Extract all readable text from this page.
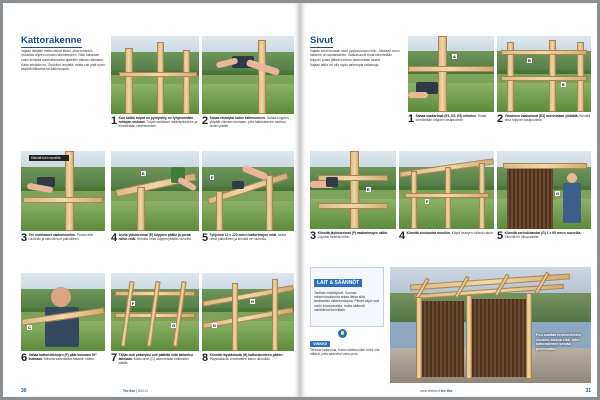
Kattorakenne

Vajaan tekijälle melko tarkat tiedot, joka kuitenkin muuntaa ohjeen omaan rakenteeseen. Näin katoksen ensin kiinteää suurirakennetta ajatellen oikean ratkaisun.

Katto tehdään ns. Onduline-levyistä, mutta voit yhtä hyvin käyttää tiilikattoa tai kattohuopaa.

1 Kun kaikki tolpat on pystytetty, ne tyhjennetään mittojen mukaan. Tolpat sahataan määräpituuteen ja kiinnitetään rakenteeseen.	2 Sahaa etutolpat katon kaltevuuteen. Sahaa tolppien yläpäät oikeaan kulmaan, jotta kattorakenne asettuu niiden päälle.
Kiinnitä tuet ruuveilla
E
F
3 Tee nurkkatuet vaakarimoihin. Poraa reiät ruuveille ja kiinnitä tuet paikoilleen.	4 Aseta yläsiderimat (E) tolppien päälle ja poraa niihin reiät. Kiinnitä rimat tolppiin pitkillä ruuveilla. 5 Tyhjennä 12 x 120 mm:n kattorimojen reiät. Aseta rimat paikoilleen ja kiinnitä ne ruuveilla.
C
F
G
H
D
6 Sahaa kattoristikkojen (F) päät kulmaan 30° kulmaan. Kiinnitä kattoristikot tasaisin välein.	7 Tähän asti päästyäsi voit päättää mitä katteeksi laitetaan. Katto-orret (G) asennetaan ristikoiden päälle.	8 Kiinnitä räystäslauta (H) kattorakenteen päihin. Räystäslauta viimeistelee katon ulkonäön.
30	Tee itse | 3/2013
Sivut

Vajaan sivut kootaan sivut pystysuoraan riviin. Jokaisen sivun rakenne on samanlainen. Vaakasuorat rimat kiinnitetään tolppiin, jonka jälkeen sivuun asennetaan laudat.

Vajaan lattia voi olla myös tarkempia ratkaisuja.

A
B
E
1 Sahaa vaakarimat (E1, E2, E3) mitoiksi. Rimat kiinnitetään tolppien sisäpuolelle.	2 Viimeisen vaakarimat (E2) asennetaan ylhäältä. Kiinnitä rima tolppien sisäpuolelle.
E
F
G
3 Kiinnitä jäykisterimat (F) vaakarimojen väliin. Lopuksi tarkista mitat.	4 Kiinnitä sivulaudat rimoihin. Käytä lautojen välissä rakoa. 5 Kiinnitä verhoilulaudat (G) 1 x 60 mm:n ruuveilla. Kiinnitä ne ulkopuolelle.
LAIT & SÄÄNNÖT
Tarkista määräykset. Kunnan rakennusvalvonta antaa tietoa siitä, tarvitaanko rakennuslupaa. Pienet vajat ovat usein luvanvaraisia, mutta säännöt vaihtelevat kunnittain.
VINKKI!
Tarkista kaltevuus. Katon kaltevuuden tulee olla riittävä, jotta sadevesi valuu pois.
Puu saattaa ensimmäisten vuosien aikana elää. Näin kattorakenne kestää pidempään.
www.teeitse.fi tee itse	31
